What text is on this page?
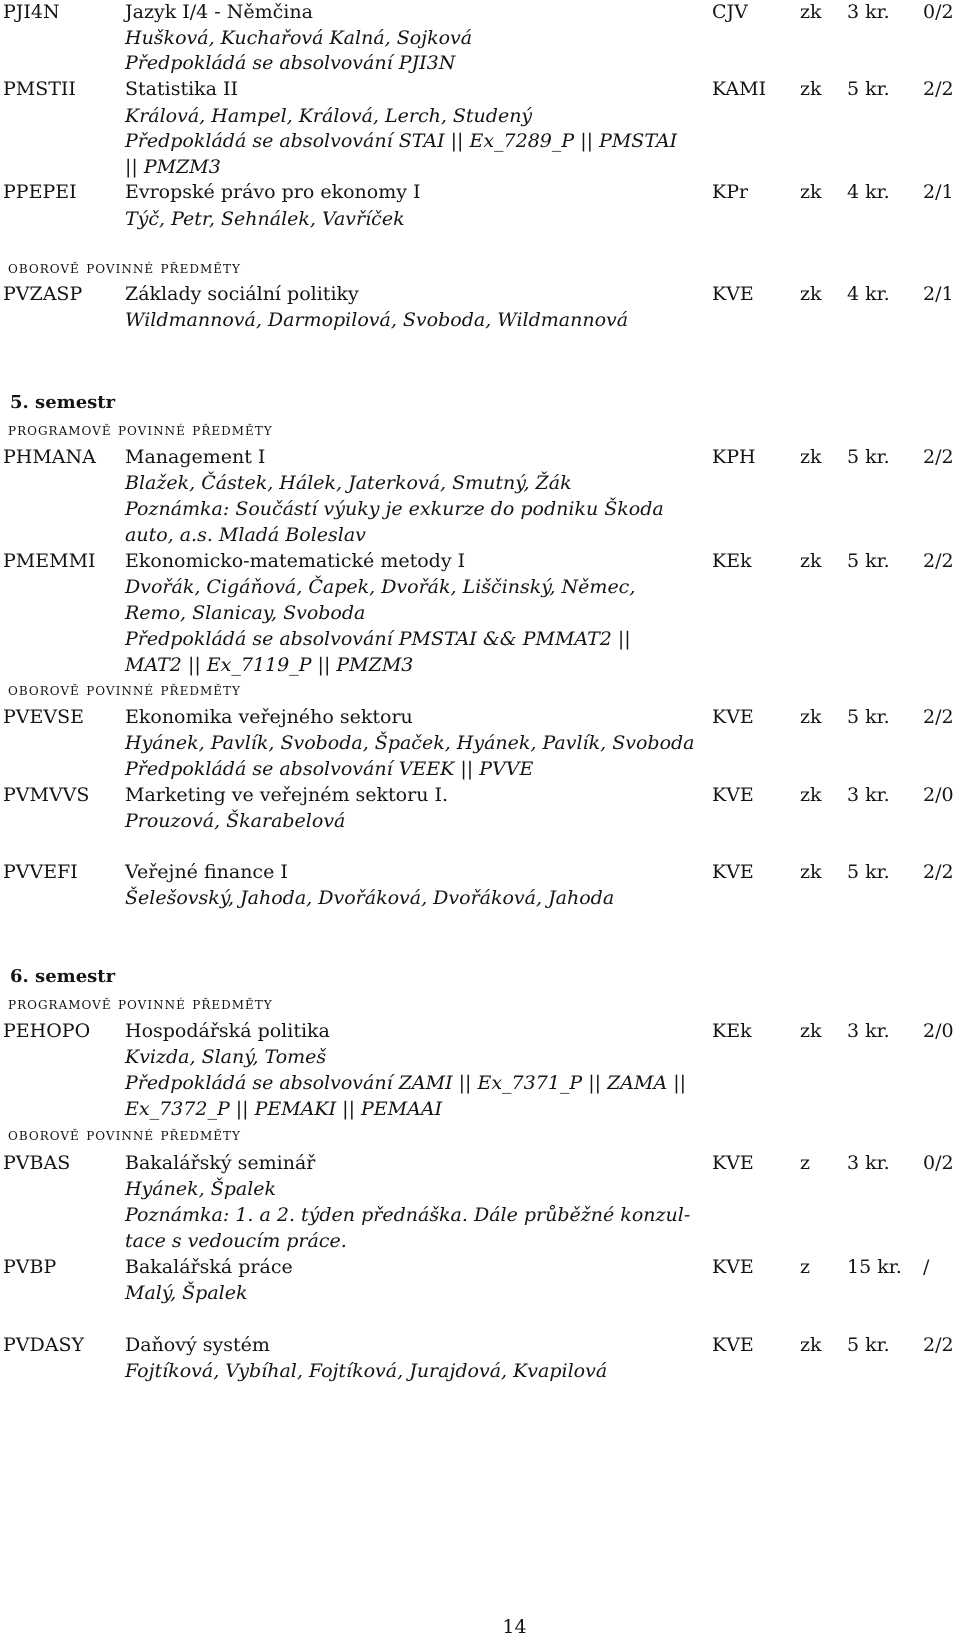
5. semestr
6. semestr
oborově povinné předměty
programově povinné předměty
oborově povinné předměty
programově povinné předměty
oborově povinné předměty
PJI4N	Jazyk I/4 - Němčina	CJV	zk 3 kr. 0/2
Hušková, Kuchařová Kalná, Sojková
Předpokládá se absolvování PJI3N
PMSTII	Statistika II	KAMI zk 5 kr. 2/2
Králová, Hampel, Králová, Lerch, Studený
Předpokládá se absolvování STAI || Ex_7289_P || PMSTAI
|| PMZM3
PPEPEI	Evropské právo pro ekonomy I	KPr	zk 4 kr. 2/1
Týč, Petr, Sehnálek, Vavříček
PVZASP Základy sociální politiky	KVE zk 4 kr. 2/1
Wildmannová, Darmopilová, Svoboda, Wildmannová
PHMANA Management I	KPH zk 5 kr. 2/2
Blažek, Částek, Hálek, Jaterková, Smutný, Žák
Poznámka: Součástí výuky je exkurze do podniku Škoda
auto, a.s. Mladá Boleslav
PMEMMI Ekonomicko-matematické metody I	KEk	zk 5 kr. 2/2
Dvořák, Cigáňová, Čapek, Dvořák, Liščinský, Němec,
Remo, Slanicay, Svoboda
Předpokládá se absolvování PMSTAI && PMMAT2 ||
MAT2 || Ex_7119_P || PMZM3
PVEVSE Ekonomika veřejného sektoru	KVE zk 5 kr. 2/2
Hyánek, Pavlík, Svoboda, Špaček, Hyánek, Pavlík, Svoboda
Předpokládá se absolvování VEEK || PVVE
PVMVVS Marketing ve veřejném sektoru I.	KVE zk 3 kr. 2/0
Prouzová, Škarabelová
PVVEFI Veřejné finance I	KVE zk 5 kr. 2/2
Šelešovský, Jahoda, Dvořáková, Dvořáková, Jahoda
PEHOPO Hospodářská politika	KEk	zk 3 kr. 2/0
Kvizda, Slaný, Tomeš
Předpokládá se absolvování ZAMI || Ex_7371_P || ZAMA ||
Ex_7372_P || PEMAKI || PEMAAI
PVBAS	Bakalářský seminář	KVE z 3 kr. 0/2
Hyánek, Špalek
Poznámka: 1. a 2. týden přednáška. Dále průběžné konzul-
tace s vedoucím práce.
PVBP	Bakalářská práce	KVE z 15 kr. /
Malý, Špalek
PVDASY Daňový systém	KVE zk 5 kr. 2/2
Fojtíková, Vybíhal, Fojtíková, Jurajdová, Kvapilová
14
